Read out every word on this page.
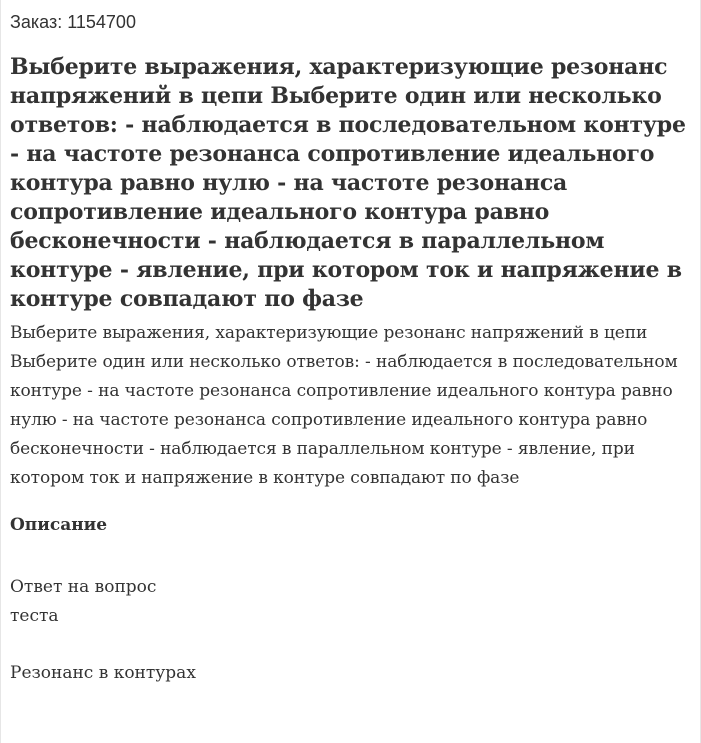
Заказ: 1154700
Выберите выражения, характеризующие резонанс напряжений в цепи Выберите один или несколько ответов: - наблюдается в последовательном контуре - на частоте резонанса сопротивление идеального контура равно нулю - на частоте резонанса сопротивление идеального контура равно бесконечности - наблюдается в параллельном контуре - явление, при котором ток и напряжение в контуре совпадают по фазе

Выберите выражения, характеризующие резонанс напряжений в цепи Выберите один или несколько ответов: - наблюдается в последовательном контуре - на частоте резонанса сопротивление идеального контура равно нулю - на частоте резонанса сопротивление идеального контура равно бесконечности - наблюдается в параллельном контуре - явление, при котором ток и напряжение в контуре совпадают по фазе

Описание
Ответ на вопрос
теста

Резонанс в контурах
